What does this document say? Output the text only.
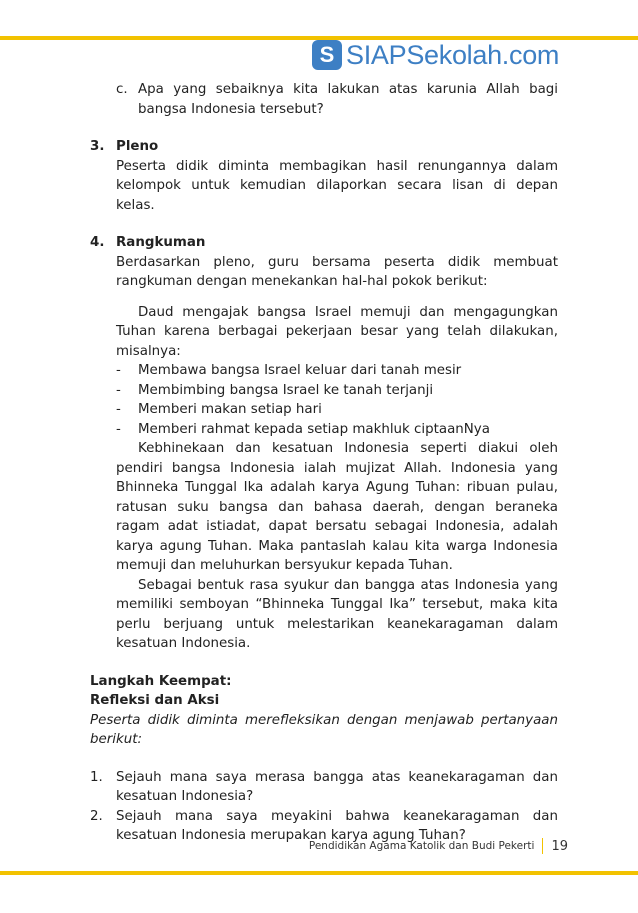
S SIAPSekolah.com
c. Apa yang sebaiknya kita lakukan atas karunia Allah bagi bangsa Indonesia tersebut?
3. Pleno
Peserta didik diminta membagikan hasil renungannya dalam kelompok untuk kemudian dilaporkan secara lisan di depan kelas.
4. Rangkuman
Berdasarkan pleno, guru bersama peserta didik membuat rangkuman dengan menekankan hal-hal pokok berikut:
Daud mengajak bangsa Israel memuji dan mengagungkan Tuhan karena berbagai pekerjaan besar yang telah dilakukan, misalnya:
-	Membawa bangsa Israel keluar dari tanah mesir
-	Membimbing bangsa Israel ke tanah terjanji
-	Memberi makan setiap hari
-	Memberi rahmat kepada setiap makhluk ciptaanNya
Kebhinekaan dan kesatuan Indonesia seperti diakui oleh pendiri bangsa Indonesia ialah mujizat Allah. Indonesia yang Bhinneka Tunggal Ika adalah karya Agung Tuhan: ribuan pulau, ratusan suku bangsa dan bahasa daerah, dengan beraneka ragam adat istiadat, dapat bersatu sebagai Indonesia, adalah karya agung Tuhan. Maka pantaslah kalau kita warga Indonesia memuji dan meluhurkan bersyukur kepada Tuhan.
Sebagai bentuk rasa syukur dan bangga atas Indonesia yang memiliki semboyan “Bhinneka Tunggal Ika” tersebut, maka kita perlu berjuang untuk melestarikan keanekaragaman dalam kesatuan Indonesia.
Langkah Keempat:
Refleksi dan Aksi
Peserta didik diminta merefleksikan dengan menjawab pertanyaan berikut:
1. Sejauh mana saya merasa bangga atas keanekaragaman dan kesatuan Indonesia?
2. Sejauh mana saya meyakini bahwa keanekaragaman dan kesatuan Indonesia merupakan karya agung Tuhan?
Pendidikan Agama Katolik dan Budi Pekerti 19
